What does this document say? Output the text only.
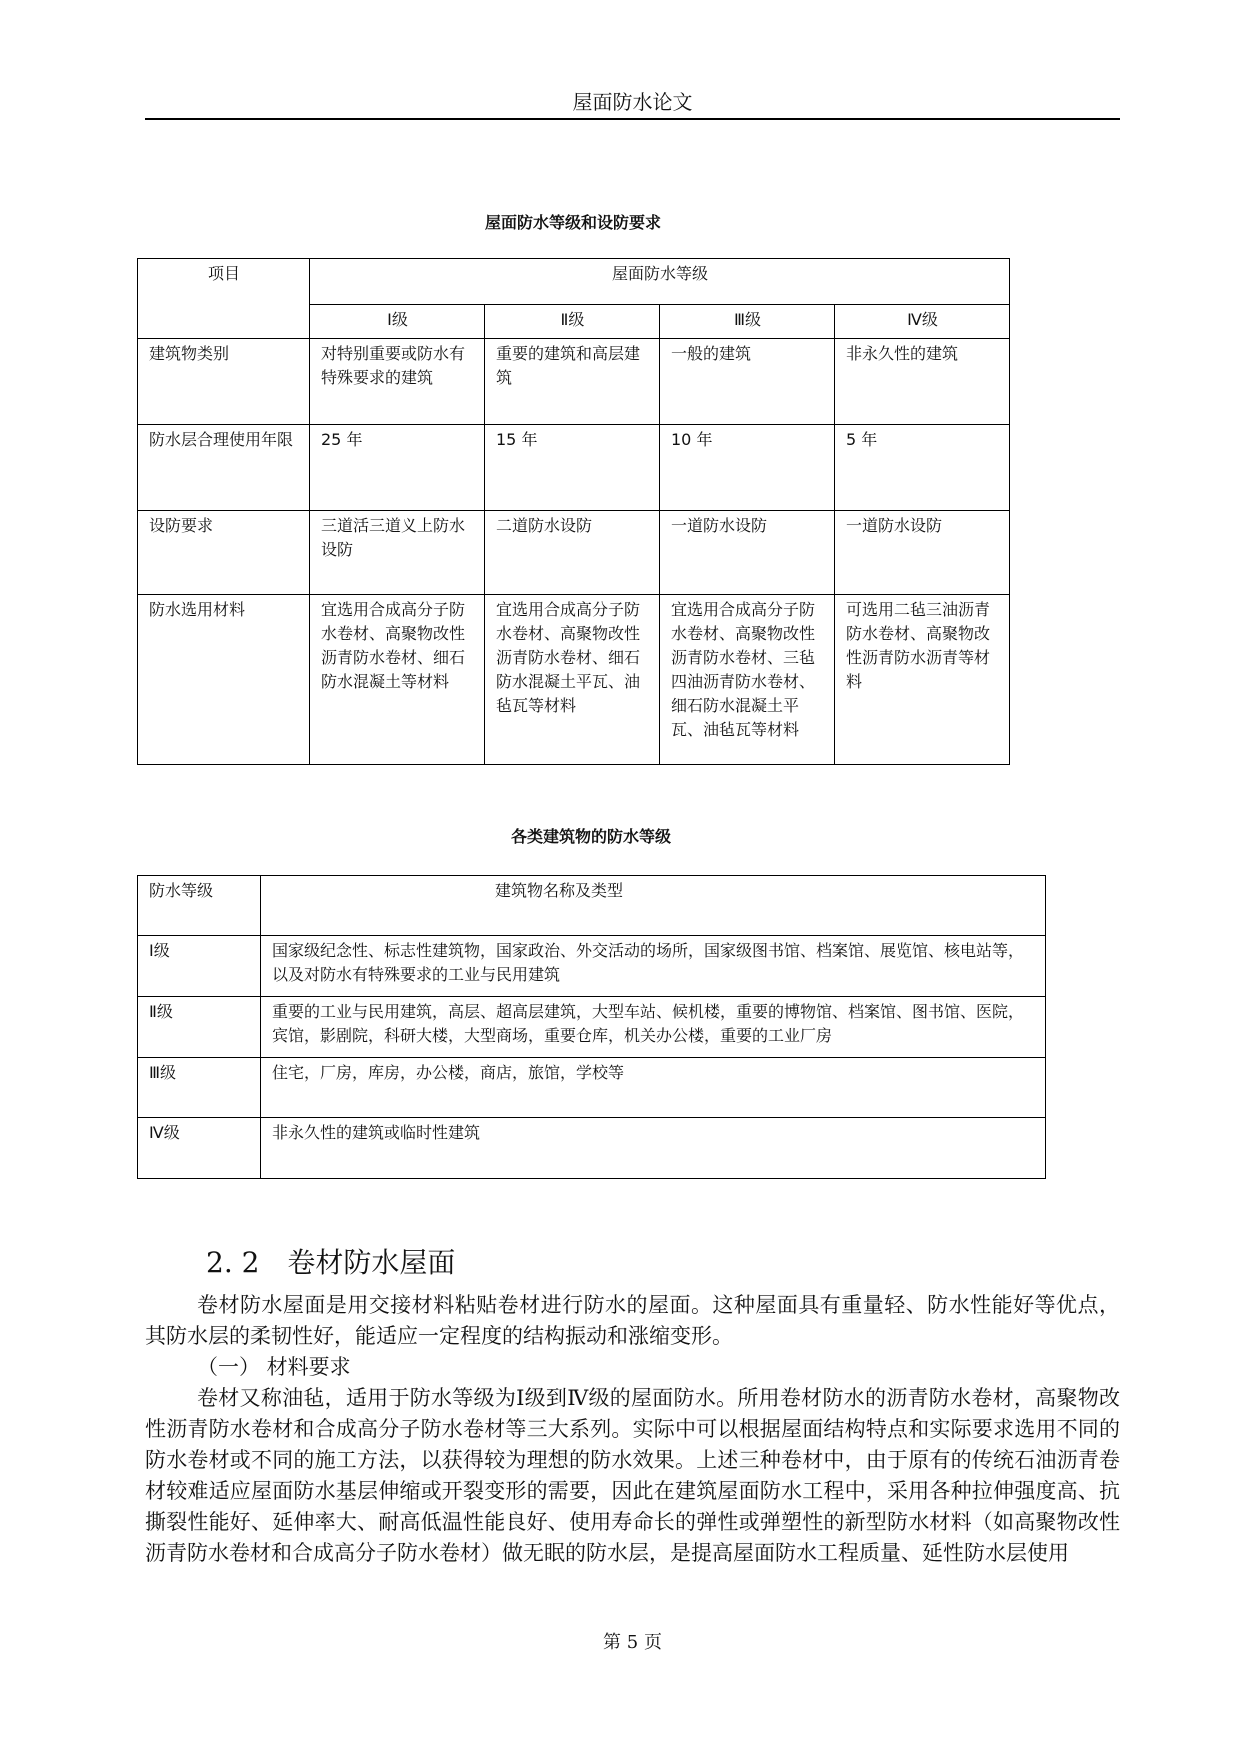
屋面防水论文
屋面防水等级和设防要求
项目	屋面防水等级			
	Ⅰ级	Ⅱ级	Ⅲ级	Ⅳ级
建筑物类别	对特别重要或防水有特殊要求的建筑	重要的建筑和高层建筑	一般的建筑	非永久性的建筑
防水层合理使用年限	25 年	15 年	10 年	5 年
设防要求	三道活三道义上防水设防	二道防水设防	一道防水设防	一道防水设防
防水选用材料	宜选用合成高分子防水卷材、高聚物改性沥青防水卷材、细石防水混凝土等材料	宜选用合成高分子防水卷材、高聚物改性沥青防水卷材、细石防水混凝土平瓦、油毡瓦等材料	宜选用合成高分子防水卷材、高聚物改性沥青防水卷材、三毡四油沥青防水卷材、细石防水混凝土平瓦、油毡瓦等材料	可选用二毡三油沥青防水卷材、高聚物改性沥青防水沥青等材料
各类建筑物的防水等级
防水等级	建筑物名称及类型
Ⅰ级	国家级纪念性、标志性建筑物，国家政治、外交活动的场所，国家级图书馆、档案馆、展览馆、核电站等，以及对防水有特殊要求的工业与民用建筑
Ⅱ级	重要的工业与民用建筑，高层、超高层建筑，大型车站、候机楼，重要的博物馆、档案馆、图书馆、医院，宾馆，影剧院，科研大楼，大型商场，重要仓库，机关办公楼，重要的工业厂房
Ⅲ级	住宅，厂房，库房，办公楼，商店，旅馆，学校等
Ⅳ级	非永久性的建筑或临时性建筑
2. 2　卷材防水屋面

卷材防水屋面是用交接材料粘贴卷材进行防水的屋面。这种屋面具有重量轻、防水性能好等优点，其防水层的柔韧性好，能适应一定程度的结构振动和涨缩变形。

（一） 材料要求

卷材又称油毡，适用于防水等级为Ⅰ级到Ⅳ级的屋面防水。所用卷材防水的沥青防水卷材，高聚物改性沥青防水卷材和合成高分子防水卷材等三大系列。实际中可以根据屋面结构特点和实际要求选用不同的防水卷材或不同的施工方法，以获得较为理想的防水效果。上述三种卷材中，由于原有的传统石油沥青卷材较难适应屋面防水基层伸缩或开裂变形的需要，因此在建筑屋面防水工程中，采用各种拉伸强度高、抗撕裂性能好、延伸率大、耐高低温性能良好、使用寿命长的弹性或弹塑性的新型防水材料（如高聚物改性沥青防水卷材和合成高分子防水卷材）做无眠的防水层，是提高屋面防水工程质量、延性防水层使用

第 5 页
